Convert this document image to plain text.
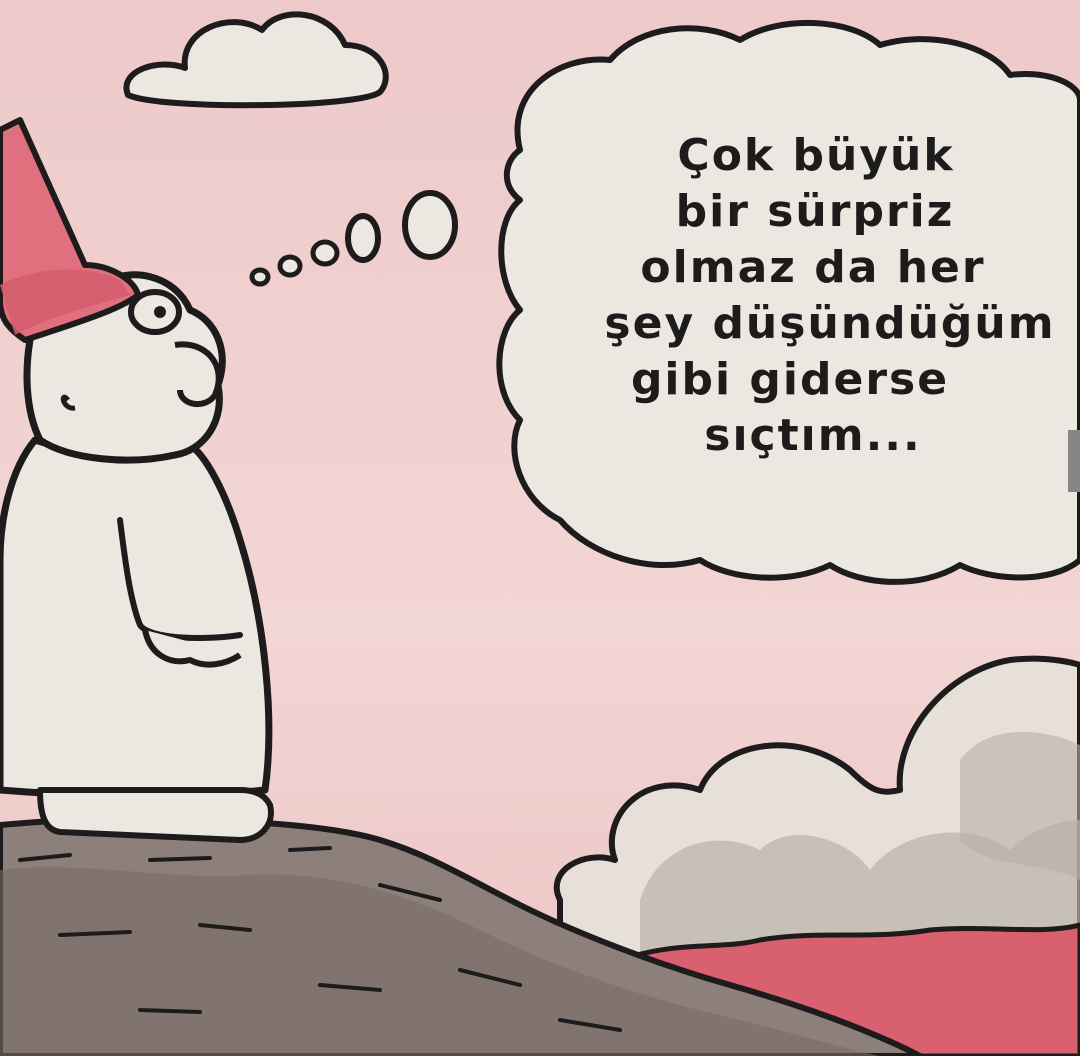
Çok büyük
bir sürpriz
olmaz da her
şey düşündüğüm
gibi giderse
sıçtım...
